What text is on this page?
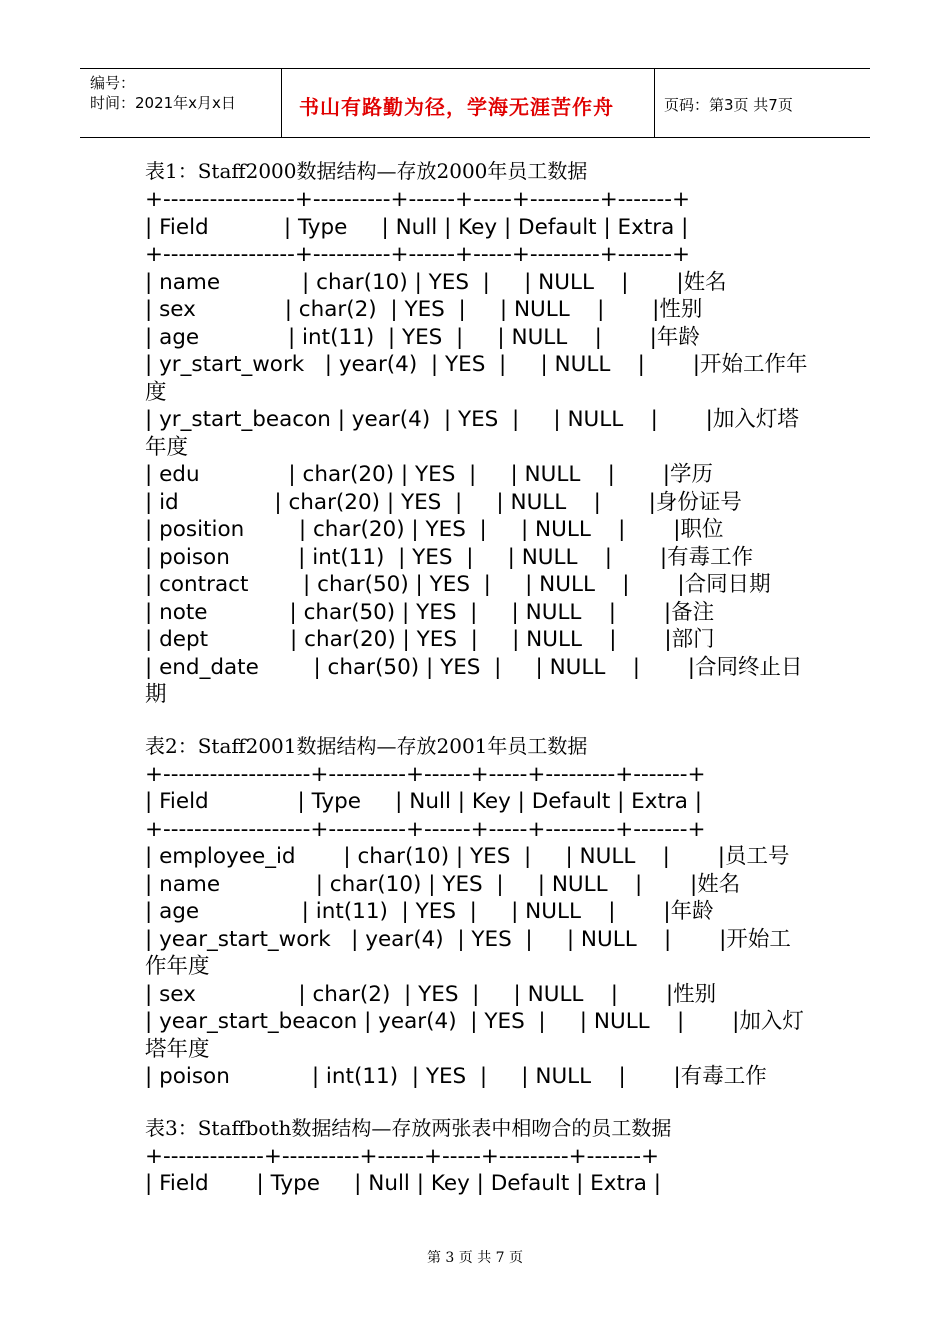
编号：
时间：2021年x月x日	书山有路勤为径，学海无涯苦作舟	页码：第3页 共7页
表1：Staff2000数据结构—存放2000年员工数据
+-----------------+----------+------+-----+---------+-------+
| Field           | Type     | Null | Key | Default | Extra |
+-----------------+----------+------+-----+---------+-------+
| name            | char(10) | YES  |     | NULL    |       |姓名
| sex             | char(2)  | YES  |     | NULL    |       |性别
| age             | int(11)  | YES  |     | NULL    |       |年龄
| yr_start_work   | year(4)  | YES  |     | NULL    |       |开始工作年度
| yr_start_beacon | year(4)  | YES  |     | NULL    |       |加入灯塔年度
| edu             | char(20) | YES  |     | NULL    |       |学历
| id              | char(20) | YES  |     | NULL    |       |身份证号
| position        | char(20) | YES  |     | NULL    |       |职位
| poison          | int(11)  | YES  |     | NULL    |       |有毒工作
| contract        | char(50) | YES  |     | NULL    |       |合同日期
| note            | char(50) | YES  |     | NULL    |       |备注
| dept            | char(20) | YES  |     | NULL    |       |部门
| end_date        | char(50) | YES  |     | NULL    |       |合同终止日期
表2：Staff2001数据结构—存放2001年员工数据
+-------------------+----------+------+-----+---------+-------+
| Field             | Type     | Null | Key | Default | Extra |
+-------------------+----------+------+-----+---------+-------+
| employee_id       | char(10) | YES  |     | NULL    |       |员工号
| name              | char(10) | YES  |     | NULL    |       |姓名
| age               | int(11)  | YES  |     | NULL    |       |年龄
| year_start_work   | year(4)  | YES  |     | NULL    |       |开始工作年度
| sex               | char(2)  | YES  |     | NULL    |       |性别
| year_start_beacon | year(4)  | YES  |     | NULL    |       |加入灯塔年度
| poison            | int(11)  | YES  |     | NULL    |       |有毒工作
表3：Staffboth数据结构—存放两张表中相吻合的员工数据
+-------------+----------+------+-----+---------+-------+
| Field       | Type     | Null | Key | Default | Extra |
第 3 页 共 7 页
